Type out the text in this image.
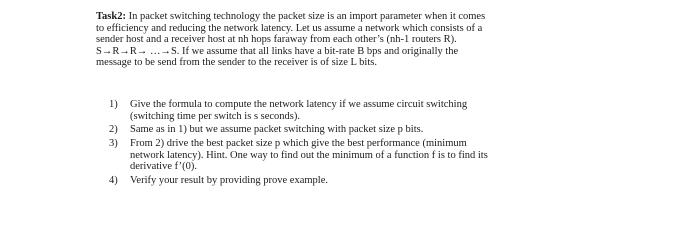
Task2: In packet switching technology the packet size is an import parameter when it comes
to efficiency and reducing the network latency. Let us assume a network which consists of a
sender host and a receiver host at nh hops faraway from each other’s (nh-1 routers R).
S→R→R→ …→S. If we assume that all links have a bit-rate B bps and originally the
message to be send from the sender to the receiver is of size L bits.

1) Give the formula to compute the network latency if we assume circuit switching
(switching time per switch is s seconds).
2) Same as in 1) but we assume packet switching with packet size p bits.
3) From 2) drive the best packet size p which give the best performance (minimum
network latency). Hint. One way to find out the minimum of a function f is to find its
derivative f’(0).
4) Verify your result by providing prove example.
